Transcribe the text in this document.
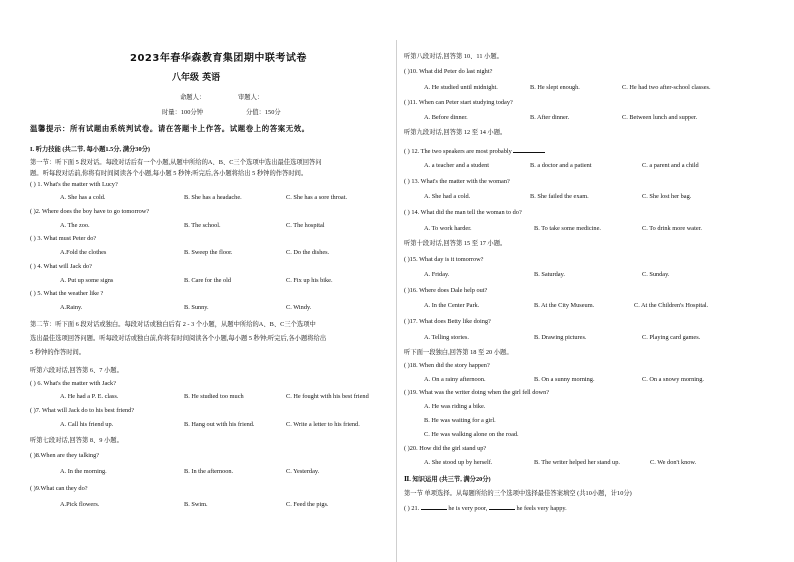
2023年春华森教育集团期中联考试卷
八年级 英语
命题人：	审题人：
时量：100分钟	分值：150分
温馨提示：所有试题由系统判试卷。请在答题卡上作答。试题卷上的答案无效。
I. 听力技能 (共二节, 每小题1.5分, 满分30分)
第一节：听下面 5 段对话。每段对话后有一个小题,从题中所给的A、B、C三个选项中选出最佳选项回答问
题。听每段对话前,你将有时间阅读各个小题,每小题 5 秒钟;听完后,各小题将给出 5 秒钟的作答时间。
( ) 1. What's the matter with Lucy?
A. She has a cold.	B. She has a headache.	C. She has a sore throat.
( )2. Where does the boy have to go tomorrow?
A. The zoo.	B. The school.	C. The hospital
( ) 3. What must Peter do?
A.Fold the clothes	B. Sweep the floor.	C. Do the dishes.
( ) 4. What will Jack do?
A. Put up some signs	B. Care for the old	C. Fix up his bike.
( ) 5. What the weather like ?
A.Rainy.	B. Sunny.	C. Windy.
第二节：听下面 6 段对话或独白。每段对话或独白后有 2 - 3 个小题，从题中所给的A、B、C三个选项中
选出最佳选项回答问题。听每段对话或独白前,你将有时间阅读各个小题,每小题 5 秒钟;听完后,各小题将给出
5 秒钟的作答时间。
听第六段对话,回答第 6、7 小题。
( ) 6. What's the matter with Jack?
A. He had a P. E. class.	B. He studied too much	C. He fought with his best friend
( )7. What will Jack do to his best friend?
A. Call his friend up.	B. Hang out with his friend.	C. Write a letter to his friend.
听第七段对话,回答第 8、9 小题。
( )8.When are they talking?
A. In the morning.	B. In the afternoon.	C. Yesterday.
( )9.What can they do?
A.Pick flowers.	B. Swim.	C. Feed the pigs.
听第八段对话,回答第 10、11 小题。
( )10. What did Peter do last night?
A. He studied until midnight.	B. He slept enough.	C. He had two after-school classes.
( )11. When can Peter start studying today?
A. Before dinner.	B. After dinner.	C. Between lunch and supper.
听第九段对话,回答第 12 至 14 小题。
( ) 12. The two speakers are most probably
A. a teacher and a student	B. a doctor and a patient	C. a parent and a child
( ) 13. What's the matter with the woman?
A. She had a cold.	B. She failed the exam.	C. She lost her bag.
( ) 14. What did the man tell the woman to do?
A. To work harder.	B. To take some medicine.	C. To drink more water.
听第十段对话,回答第 15 至 17 小题。
( )15. What day is it tomorrow?
A. Friday.	B. Saturday.	C. Sunday.
( )16. Where does Dale help out?
A. In the Center Park.	B. At the City Museum.	C. At the Children's Hospital.
( )17. What does Betty like doing?
A. Telling stories.	B. Drawing pictures.	C. Playing card games.
听下面一段独白,回答第 18 至 20 小题。
( )18. When did the story happen?
A. On a rainy afternoon.	B. On a sunny morning.	C. On a snowy morning.
( )19. What was the writer doing when the girl fell down?
A. He was riding a bike.
B. He was waiting for a girl.
C. He was walking alone on the road.
( )20. How did the girl stand up?
A. She stood up by herself.	B. The writer helped her stand up.	C. We don't know.
Ⅱ. 知识运用 (共三节, 满分20分)
第一节 单项选择。从每题所给的三个选项中选择最佳答案填空 (共10小题，计10分)
( ) 21.	he is very poor,	he feels very happy.
